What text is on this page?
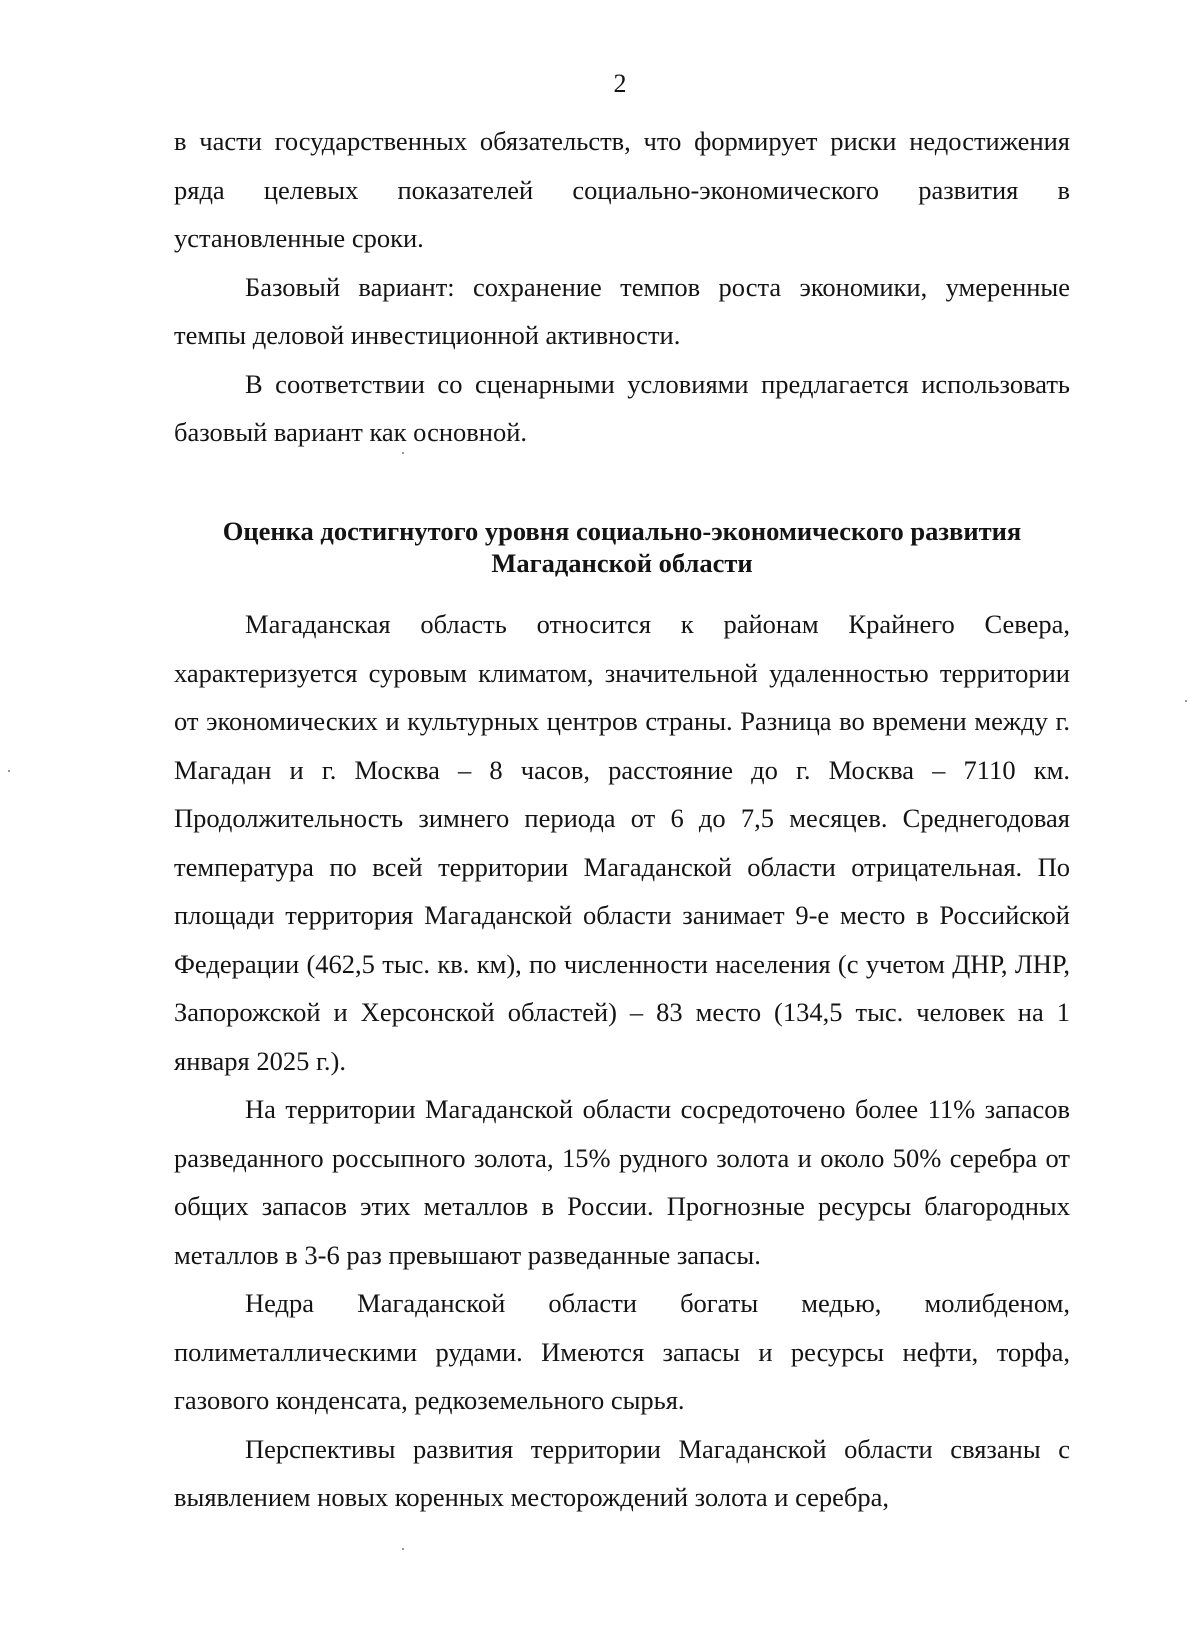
2

в части государственных обязательств, что формирует риски недостижения ряда целевых показателей социально-экономического развития в установленные сроки.

Базовый вариант: сохранение темпов роста экономики, умеренные темпы деловой инвестиционной активности.

В соответствии со сценарными условиями предлагается использовать базовый вариант как основной.

Оценка достигнутого уровня социально-экономического развития
Магаданской области

Магаданская область относится к районам Крайнего Севера, характеризуется суровым климатом, значительной удаленностью территории от экономических и культурных центров страны. Разница во времени между г. Магадан и г. Москва – 8 часов, расстояние до г. Москва – 7110 км. Продолжительность зимнего периода от 6 до 7,5 месяцев. Среднегодовая температура по всей территории Магаданской области отрицательная. По площади территория Магаданской области занимает 9-е место в Российской Федерации (462,5 тыс. кв. км), по численности населения (с учетом ДНР, ЛНР, Запорожской и Херсонской областей) – 83 место (134,5 тыс. человек на 1 января 2025 г.).

На территории Магаданской области сосредоточено более 11% запасов разведанного россыпного золота, 15% рудного золота и около 50% серебра от общих запасов этих металлов в России. Прогнозные ресурсы благородных металлов в 3-6 раз превышают разведанные запасы.

Недра Магаданской области богаты медью, молибденом, полиметаллическими рудами. Имеются запасы и ресурсы нефти, торфа, газового конденсата, редкоземельного сырья.

Перспективы развития территории Магаданской области связаны с выявлением новых коренных месторождений золота и серебра,
